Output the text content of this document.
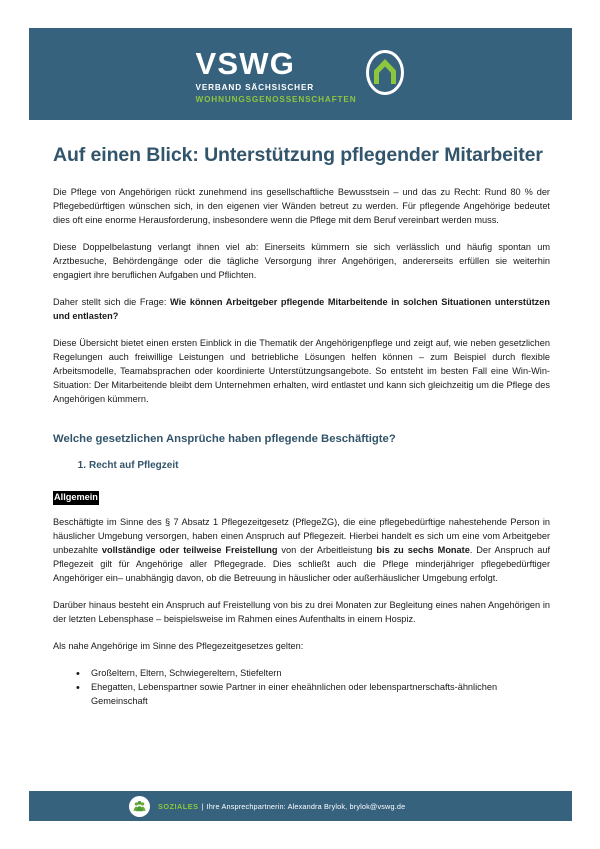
VSWG
VERBAND SÄCHSISCHER
WOHNUNGSGENOSSENSCHAFTEN
Auf einen Blick: Unterstützung pflegender Mitarbeiter

Die Pflege von Angehörigen rückt zunehmend ins gesellschaftliche Bewusstsein – und das zu Recht: Rund 80 % der Pflegebedürftigen wünschen sich, in den eigenen vier Wänden betreut zu werden. Für pflegende Angehörige bedeutet dies oft eine enorme Herausforderung, insbesondere wenn die Pflege mit dem Beruf vereinbart werden muss.

Diese Doppelbelastung verlangt ihnen viel ab: Einerseits kümmern sie sich verlässlich und häufig spontan um Arztbesuche, Behördengänge oder die tägliche Versorgung ihrer Angehörigen, andererseits erfüllen sie weiterhin engagiert ihre beruflichen Aufgaben und Pflichten.

Daher stellt sich die Frage: Wie können Arbeitgeber pflegende Mitarbeitende in solchen Situationen unterstützen und entlasten?

Diese Übersicht bietet einen ersten Einblick in die Thematik der Angehörigenpflege und zeigt auf, wie neben gesetzlichen Regelungen auch freiwillige Leistungen und betriebliche Lösungen helfen können – zum Beispiel durch flexible Arbeitsmodelle, Teamabsprachen oder koordinierte Unterstützungsangebote. So entsteht im besten Fall eine Win-Win-Situation: Der Mitarbeitende bleibt dem Unternehmen erhalten, wird entlastet und kann sich gleichzeitig um die Pflege des Angehörigen kümmern.

Welche gesetzlichen Ansprüche haben pflegende Beschäftigte?
Recht auf Pflegzeit
Allgemein

Beschäftigte im Sinne des § 7 Absatz 1 Pflegezeitgesetz (PflegeZG), die eine pflegebedürftige nahestehende Person in häuslicher Umgebung versorgen, haben einen Anspruch auf Pflegezeit. Hierbei handelt es sich um eine vom Arbeitgeber unbezahlte vollständige oder teilweise Freistellung von der Arbeitleistung bis zu sechs Monate. Der Anspruch auf Pflegezeit gilt für Angehörige aller Pflegegrade. Dies schließt auch die Pflege minderjähriger pflegebedürftiger Angehöriger ein– unabhängig davon, ob die Betreuung in häuslicher oder außerhäuslicher Umgebung erfolgt.

Darüber hinaus besteht ein Anspruch auf Freistellung von bis zu drei Monaten zur Begleitung eines nahen Angehörigen in der letzten Lebensphase – beispielsweise im Rahmen eines Aufenthalts in einem Hospiz.

Als nahe Angehörige im Sinne des Pflegezeitgesetzes gelten:

• Großeltern, Eltern, Schwiegereltern, Stiefeltern
• Ehegatten, Lebenspartner sowie Partner in einer eheähnlichen oder lebenspartnerschafts-ähnlichen Gemeinschaft
SOZIALES | Ihre Ansprechpartnerin: Alexandra Brylok, brylok@vswg.de
